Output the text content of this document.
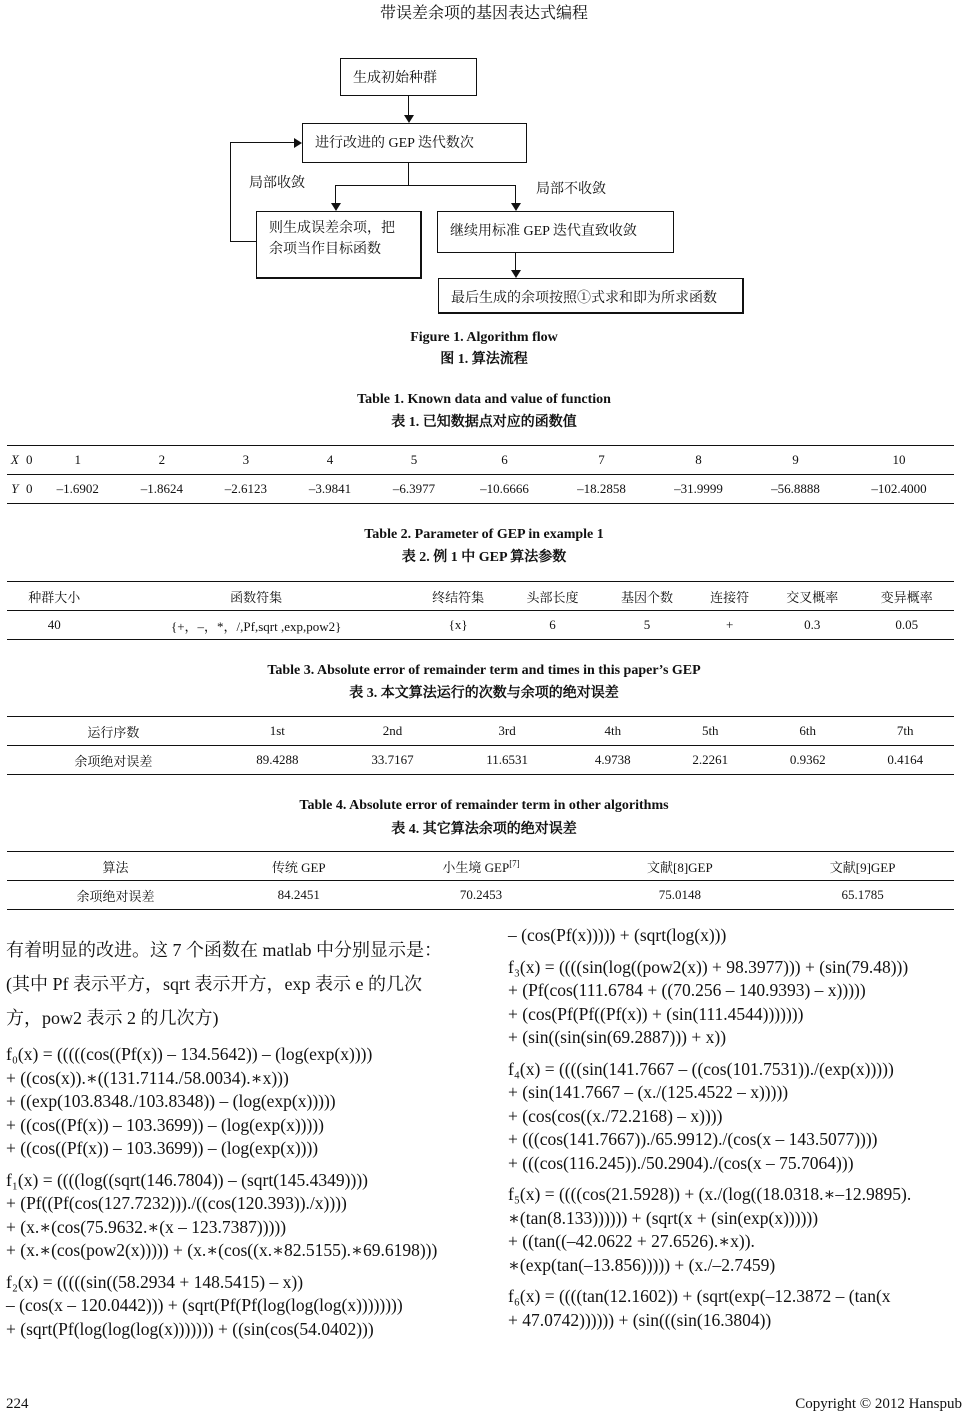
带误差余项的基因表达式编程
生成初始种群
进行改进的 GEP 迭代数次
局部收敛	局部不收敛
则生成误差余项，把余项当作目标函数
继续用标准 GEP 迭代直致收敛
最后生成的余项按照①式求和即为所求函数
Figure 1. Algorithm flow
图 1. 算法流程
Table 1. Known data and value of function
表 1. 已知数据点对应的函数值
X	0	1	2	3	4	5	6	7	8	9	10
Y	0	–1.6902	–1.8624	–2.6123	–3.9841	–6.3977	–10.6666	–18.2858	–31.9999	–56.8888	–102.4000
Table 2. Parameter of GEP in example 1
表 2. 例 1 中 GEP 算法参数
种群大小	函数符集	终结符集	头部长度	基因个数	连接符	交叉概率	变异概率
40	{+，–，*，/,Pf,sqrt ,exp,pow2}	{x}	6	5	+	0.3	0.05
Table 3. Absolute error of remainder term and times in this paper’s GEP
表 3. 本文算法运行的次数与余项的绝对误差
运行序数	1st	2nd	3rd	4th	5th	6th	7th
余项绝对误差	89.4288	33.7167	11.6531	4.9738	2.2261	0.9362	0.4164
Table 4. Absolute error of remainder term in other algorithms
表 4. 其它算法余项的绝对误差
算法	传统 GEP	小生境 GEP[7]	文献[8]GEP	文献[9]GEP
余项绝对误差	84.2451	70.2453	75.0148	65.1785
有着明显的改进。这 7 个函数在 matlab 中分别显示是：
(其中 Pf 表示平方，sqrt 表示开方，exp 表示 e 的几次
方，pow2 表示 2 的几次方)
f₀(x) = (((((cos((Pf(x)) – 134.5642)) – (log(exp(x))))
+ ((cos(x)).∗((131.7114./58.0034).∗x)))
+ ((exp(103.8348./103.8348)) – (log(exp(x)))))
+ ((cos((Pf(x)) – 103.3699)) – (log(exp(x)))))
+ ((cos((Pf(x)) – 103.3699)) – (log(exp(x))))
f₁(x) = ((((log((sqrt(146.7804)) – (sqrt(145.4349))))
+ (Pf((Pf(cos(127.7232)))./((cos(120.393))./x))))
+ (x.∗(cos(75.9632.∗(x – 123.7387)))))
+ (x.∗(cos(pow2(x))))) + (x.∗(cos((x.∗82.5155).∗69.6198)))
f₂(x) = (((((sin((58.2934 + 148.5415) – x))
– (cos(x – 120.0442))) + (sqrt(Pf(Pf(log(log(log(x))))))))
+ (sqrt(Pf(log(log(log(x))))))) + ((sin(cos(54.0402)))
– (cos(Pf(x))))) + (sqrt(log(x)))
f₃(x) = ((((sin(log((pow2(x)) + 98.3977))) + (sin(79.48)))
+ (Pf(cos(111.6784 + ((70.256 – 140.9393) – x)))))
+ (cos(Pf(Pf((Pf(x)) + (sin(111.4544)))))))
+ (sin((sin(sin(69.2887))) + x))
f₄(x) = ((((sin(141.7667 – ((cos(101.7531))./(exp(x)))))
+ (sin(141.7667 – (x./(125.4522 – x)))))
+ (cos(cos((x./72.2168) – x))))
+ (((cos(141.7667))./65.9912)./(cos(x – 143.5077))))
+ (((cos(116.245))./50.2904)./(cos(x – 75.7064)))
f₅(x) = ((((cos(21.5928)) + (x./(log((18.0318.∗–12.9895).
∗(tan(8.133)))))) + (sqrt(x + (sin(exp(x))))))
+ ((tan((–42.0622 + 27.6526).∗x)).
∗(exp(tan(–13.856))))) + (x./–2.7459)
f₆(x) = ((((tan(12.1602)) + (sqrt(exp(–12.3872 – (tan(x
+ 47.0742)))))) + (sin(((sin(16.3804))
224	Copyright © 2012 Hanspub
